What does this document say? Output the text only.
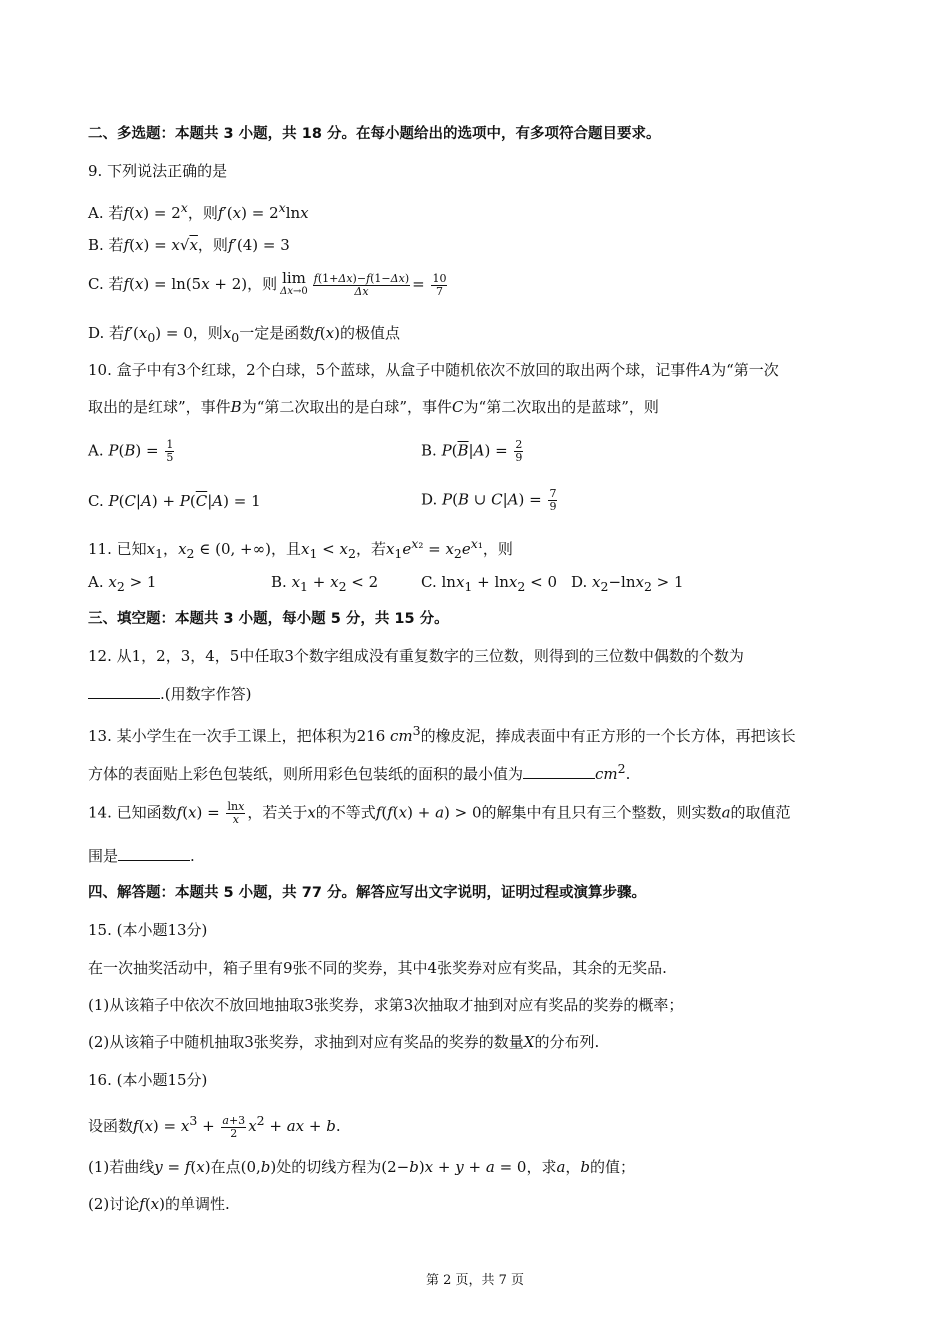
二、多选题：本题共 3 小题，共 18 分。在每小题给出的选项中，有多项符合题目要求。
9. 下列说法正确的是
A. 若$f(x) = 2^x$，则$f'(x) = 2^x\ln x$
B. 若f(x) = x√x，则f′(4) = 3
C. 若f(x) = ln(5x + 2)，则 lim
$\Delta x\to 0 \frac{f(1+\Delta x)-f(1-\Delta x)}{\Delta x} = \frac{10}{7}$
D. 若$f'(x_0) = 0$，则$x_0$一定是函数f(x)的极值点
10. 盒子中有3个红球，2个白球，5个蓝球，从盒子中随机依次不放回的取出两个球，记事件A为“第一次
取出的是红球”，事件B为“第二次取出的是白球”，事件C为“第二次取出的是蓝球”，则
A. $P(B) = \frac{1}{5}$	B. $P(\overline{B}|A) = \frac{2}{9}$
C. $P(C|A) + P(\overline{C}|A) = 1$	D. P(B ∪ $C|A) = \frac{7}{9}$
11. 已知$x_1$，$x_2$ ∈ (0, +∞)，且$x_1 < x_2$，若$x_1e^{x_2} = x_2e^{x_1}$，则
A. $x_2 > 1$	B. $x_1 + x_2 < 2$	C. lnx$_1$ + lnx$_2$ < 0 D. $x_2-\ln x_2 > 1$
三、填空题：本题共 3 小题，每小题 5 分，共 15 分。
12. 从1，2，3，4，5中任取3个数字组成没有重复数字的三位数，则得到的三位数中偶数的个数为
.(用数字作答)
13. 某小学生在一次手工课上，把体积为216 $cm^3$的橡皮泥，捧成表面中有正方形的一个长方体，再把该长
方体的表面贴上彩色包装纸，则所用彩色包装纸的面积的最小值为	$cm^2$.
14. 已知函数$f(x) = \frac{\ln x}{x}$ ，若关于x的不等式f(f(x) + a) > 0的解集中有且只有三个整数，则实数a的取值范
围是	.
四、解答题：本题共 5 小题，共 77 分。解答应写出文字说明，证明过程或演算步骤。
15. (本小题13分)
在一次抽奖活动中，箱子里有9张不同的奖券，其中4张奖券对应有奖品，其余的无奖品.
(1)从该箱子中依次不放回地抽取3张奖券，求第3次抽取才抽到对应有奖品的奖券的概率；
(2)从该箱子中随机抽取3张奖券，求抽到对应有奖品的奖券的数量X的分布列.
16. (本小题15分)
设函数$f(x) = x^3 + \frac{a+3}{2} x^2$ + ax + b.
(1)若曲线y = f(x)在点(0,b)处的切线方程为(2−b)x + y + a = 0，求a，b的值；
(2)讨论f(x)的单调性.
第 2 页，共 7 页
